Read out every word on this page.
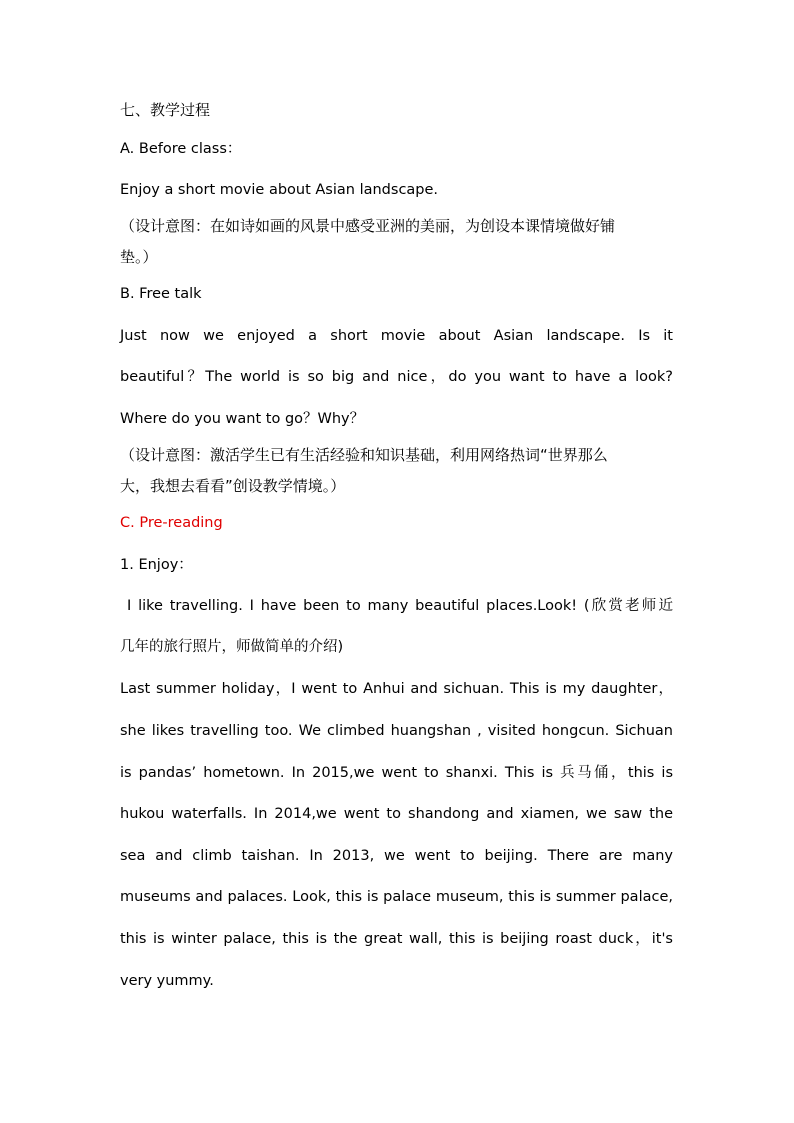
七、教学过程
A. Before class：
Enjoy a short movie about Asian landscape.
（设计意图：在如诗如画的风景中感受亚洲的美丽，为创设本课情境做好铺
垫。）
B. Free talk
Just now we enjoyed a short movie about Asian landscape. Is it
beautiful？The world is so big and nice，do you want to have a look?
Where do you want to go？Why？
（设计意图：激活学生已有生活经验和知识基础，利用网络热词“世界那么
大，我想去看看”创设教学情境。）
C. Pre-reading
1. Enjoy：
I like travelling. I have been to many beautiful places.Look! (欣赏老师近
几年的旅行照片，师做简单的介绍)
Last summer holiday，I went to Anhui and sichuan. This is my daughter，
she likes travelling too. We climbed huangshan , visited hongcun. Sichuan
is pandas’ hometown. In 2015,we went to shanxi. This is 兵马俑，this is
hukou waterfalls. In 2014,we went to shandong and xiamen, we saw the
sea and climb taishan. In 2013, we went to beijing. There are many
museums and palaces. Look, this is palace museum, this is summer palace,
this is winter palace, this is the great wall, this is beijing roast duck，it's
very yummy.
